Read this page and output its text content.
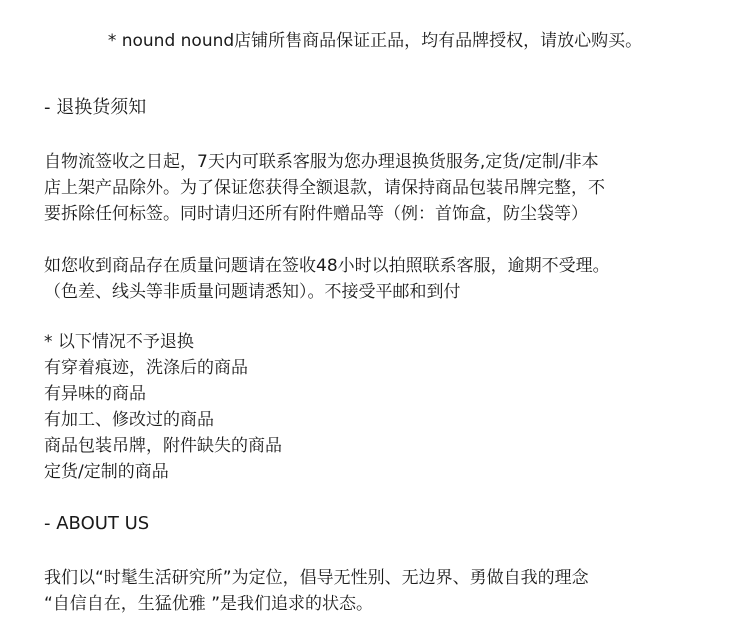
* nound nound店铺所售商品保证正品，均有品牌授权，请放心购买。
- 退换货须知
自物流签收之日起，7天内可联系客服为您办理退换货服务,定货/定制/非本
店上架产品除外。为了保证您获得全额退款，请保持商品包装吊牌完整，不
要拆除任何标签。同时请归还所有附件赠品等（例：首饰盒，防尘袋等）
如您收到商品存在质量问题请在签收48小时以拍照联系客服，逾期不受理。
（色差、线头等非质量问题请悉知）。不接受平邮和到付
* 以下情况不予退换
有穿着痕迹，洗涤后的商品
有异味的商品
有加工、修改过的商品
商品包装吊牌，附件缺失的商品
定货/定制的商品
- ABOUT US
我们以“时髦生活研究所”为定位，倡导无性别、无边界、勇做自我的理念
“自信自在，生猛优雅 ”是我们追求的状态。
